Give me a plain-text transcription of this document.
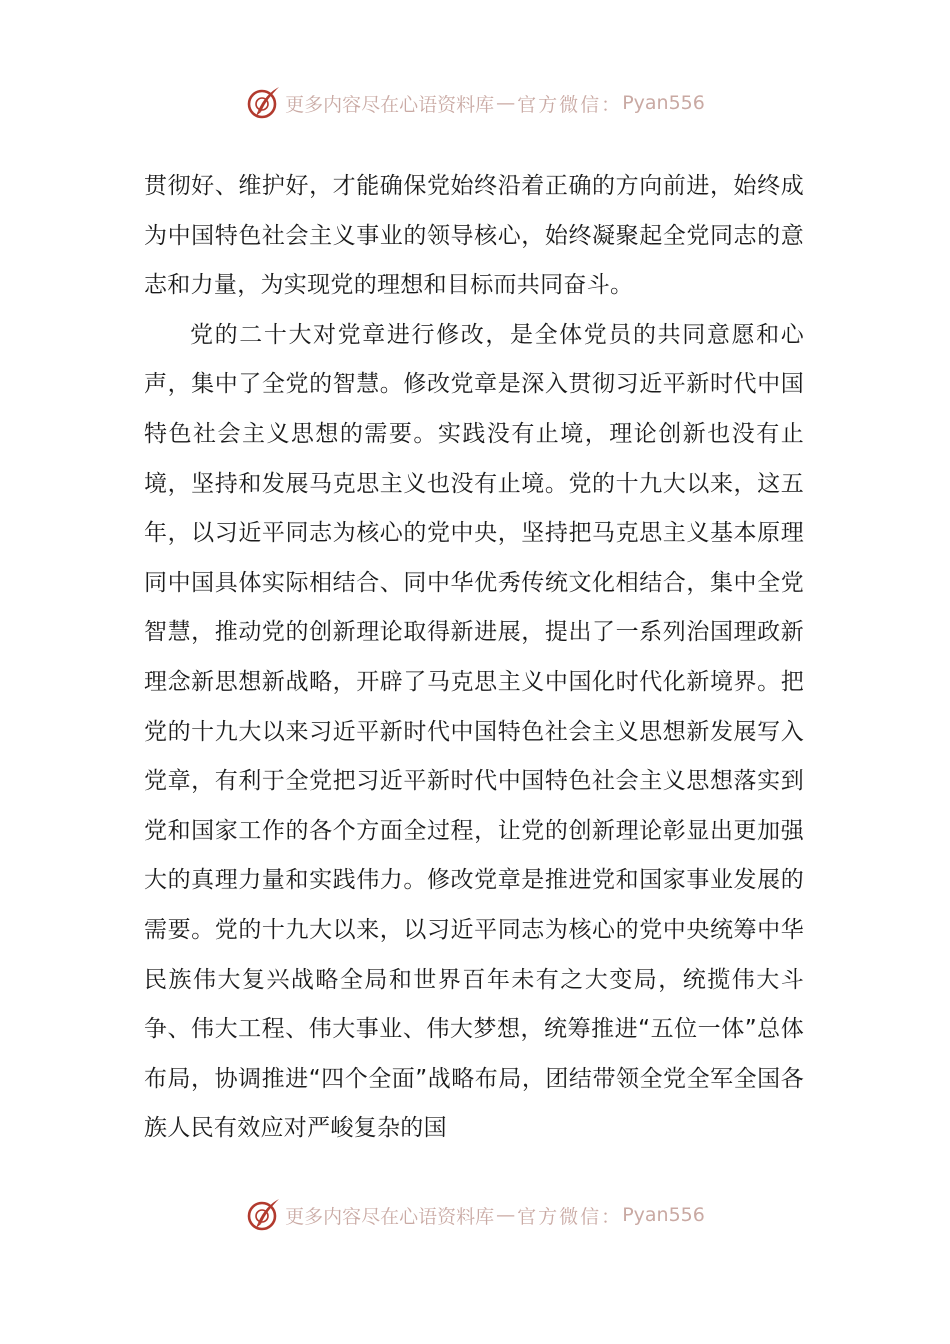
更多内容尽在心语资料库 — 官方微信： Pyan556

贯彻好、维护好，才能确保党始终沿着正确的方向前进，始终成为中国特色社会主义事业的领导核心，始终凝聚起全党同志的意志和力量，为实现党的理想和目标而共同奋斗。

党的二十大对党章进行修改，是全体党员的共同意愿和心声，集中了全党的智慧。修改党章是深入贯彻习近平新时代中国特色社会主义思想的需要。实践没有止境，理论创新也没有止境，坚持和发展马克思主义也没有止境。党的十九大以来，这五年，以习近平同志为核心的党中央，坚持把马克思主义基本原理同中国具体实际相结合、同中华优秀传统文化相结合，集中全党智慧，推动党的创新理论取得新进展，提出了一系列治国理政新理念新思想新战略，开辟了马克思主义中国化时代化新境界。把党的十九大以来习近平新时代中国特色社会主义思想新发展写入党章，有利于全党把习近平新时代中国特色社会主义思想落实到党和国家工作的各个方面全过程，让党的创新理论彰显出更加强大的真理力量和实践伟力。修改党章是推进党和国家事业发展的需要。党的十九大以来，以习近平同志为核心的党中央统筹中华民族伟大复兴战略全局和世界百年未有之大变局，统揽伟大斗争、伟大工程、伟大事业、伟大梦想，统筹推进“五位一体”总体布局，协调推进“四个全面”战略布局，团结带领全党全军全国各族人民有效应对严峻复杂的国

更多内容尽在心语资料库 — 官方微信： Pyan556
